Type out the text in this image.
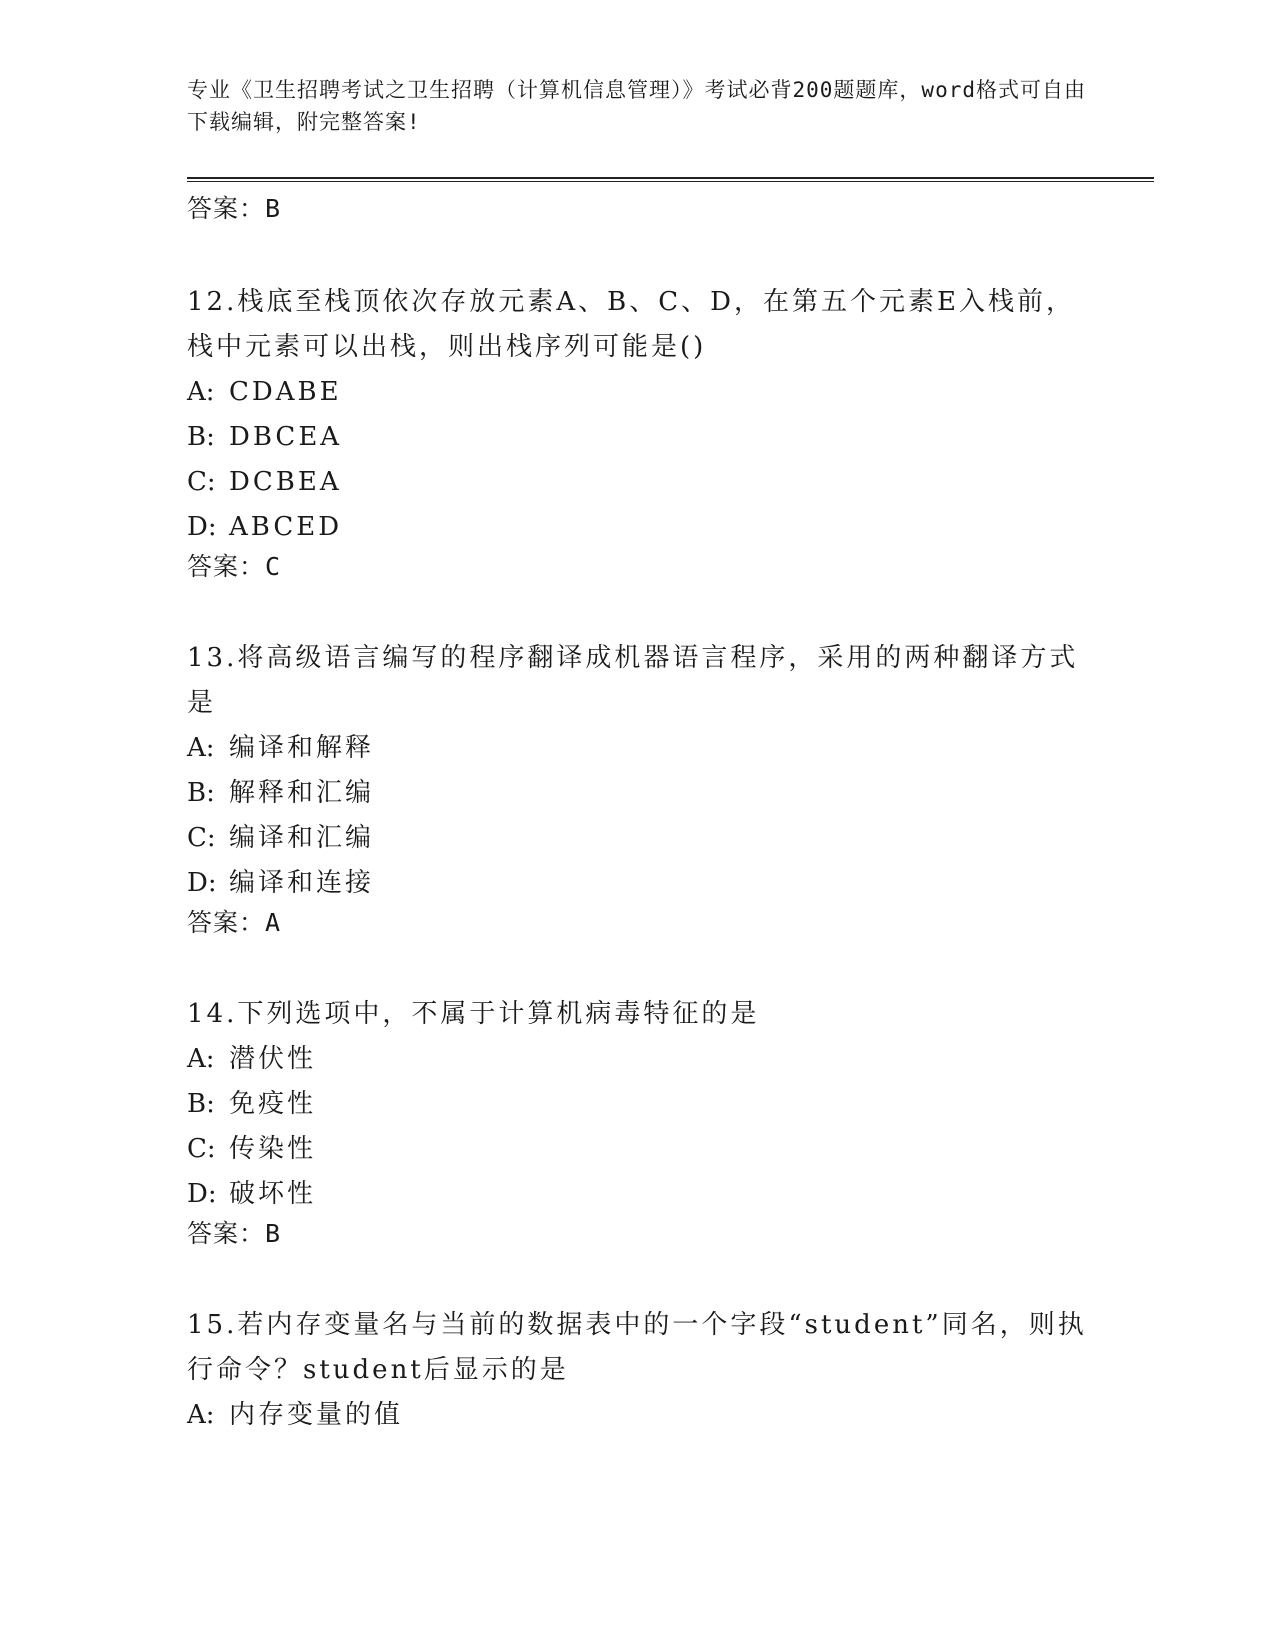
专业《卫生招聘考试之卫生招聘（计算机信息管理）》考试必背200题题库，word格式可自由下载编辑，附完整答案!
答案：B
12.栈底至栈顶依次存放元素A、B、C、D，在第五个元素E入栈前，栈中元素可以出栈，则出栈序列可能是()
A: CDABE
B: DBCEA
C: DCBEA
D: ABCED
答案：C
13.将高级语言编写的程序翻译成机器语言程序，采用的两种翻译方式是
A: 编译和解释
B: 解释和汇编
C: 编译和汇编
D: 编译和连接
答案：A
14.下列选项中，不属于计算机病毒特征的是
A: 潜伏性
B: 免疫性
C: 传染性
D: 破坏性
答案：B
15.若内存变量名与当前的数据表中的一个字段“student”同名，则执行命令？student后显示的是
A: 内存变量的值
